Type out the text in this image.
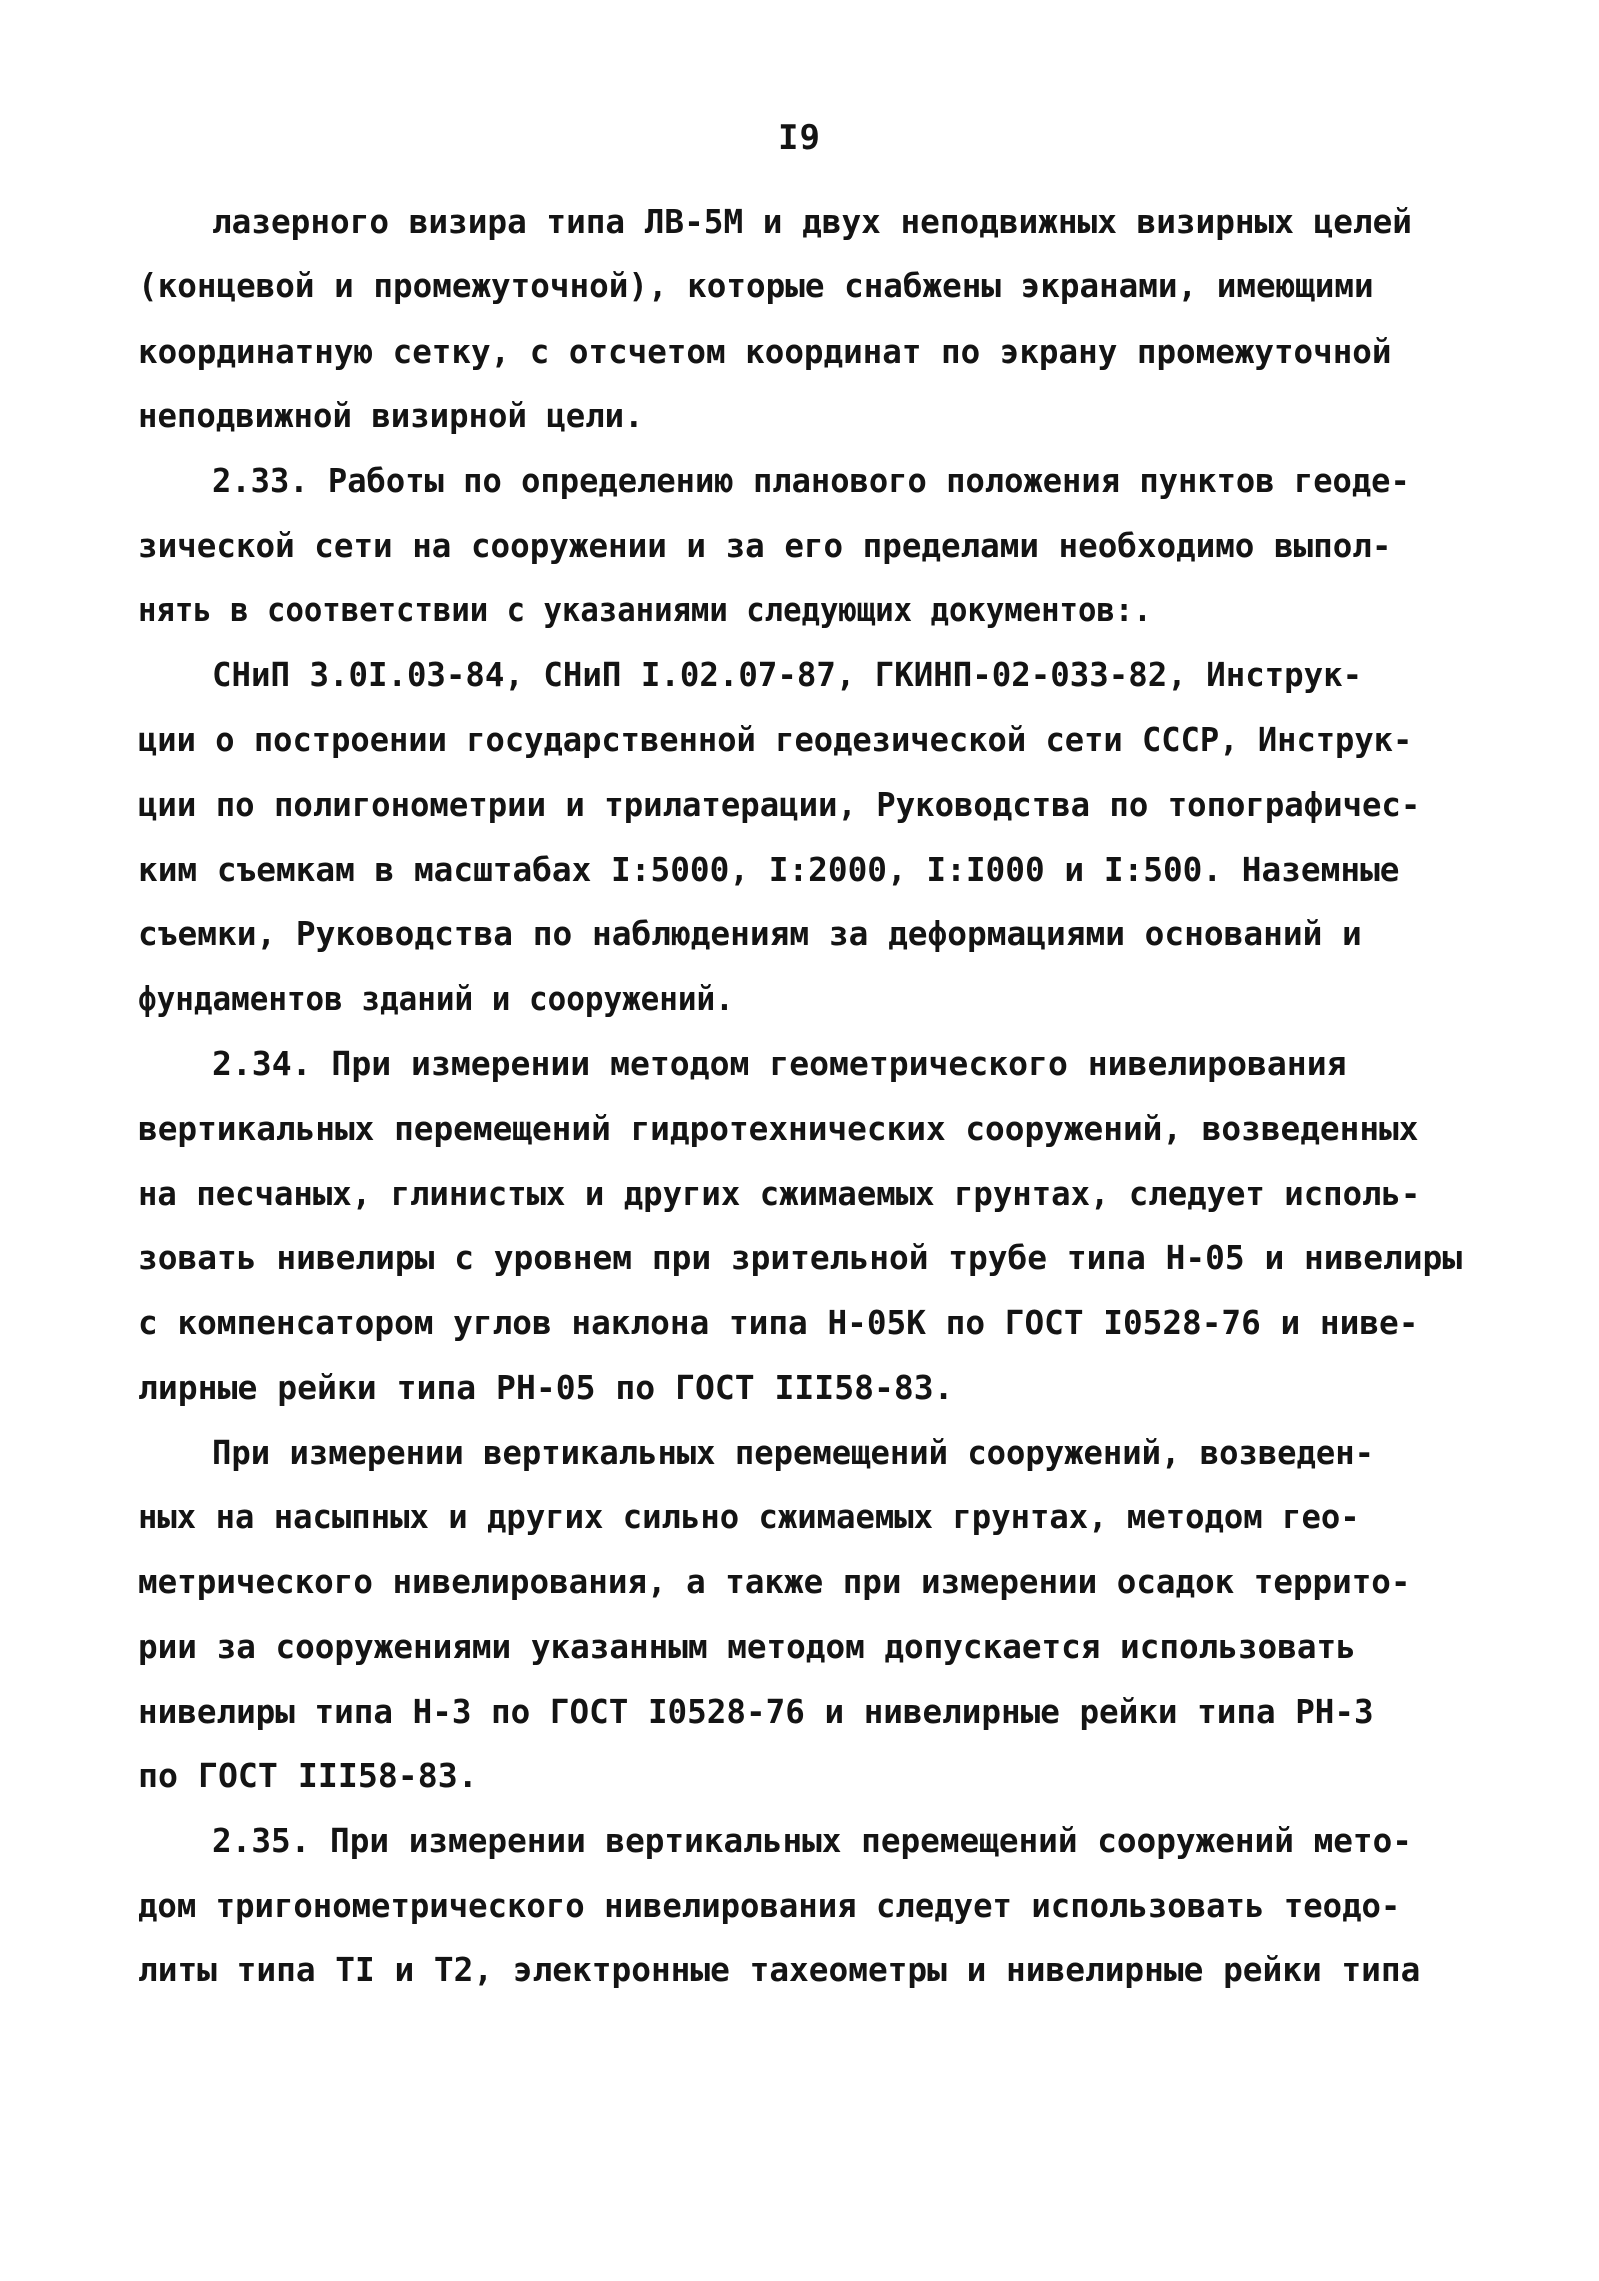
I9
лазерного визира типа ЛВ-5М и двух неподвижных визирных целей
(концевой и промежуточной), которые снабжены экранами, имеющими
координатную сетку, с отсчетом координат по экрану промежуточной
неподвижной визирной цели.
2.33. Работы по определению планового положения пунктов геоде-
зической сети на сооружении и за его пределами необходимо выпол-
нять в соответствии с указаниями следующих документов:.
СНиП 3.0I.03-84, СНиП I.02.07-87, ГКИНП-02-033-82, Инструк-
ции о построении государственной геодезической сети СССР, Инструк-
ции по полигонометрии и трилатерации, Руководства по топографичес-
ким съемкам в масштабах I:5000, I:2000, I:I000 и I:500. Наземные
съемки, Руководства по наблюдениям за деформациями оснований и
фундаментов зданий и сооружений.
2.34. При измерении методом геометрического нивелирования
вертикальных перемещений гидротехнических сооружений, возведенных
на песчаных, глинистых и других сжимаемых грунтах, следует исполь-
зовать нивелиры с уровнем при зрительной трубе типа Н-05 и нивелиры
с компенсатором углов наклона типа Н-05К по ГОСТ I0528-76 и ниве-
лирные рейки типа РН-05 по ГОСТ III58-83.
При измерении вертикальных перемещений сооружений, возведен-
ных на насыпных и других сильно сжимаемых грунтах, методом гео-
метрического нивелирования, а также при измерении осадок террито-
рии за сооружениями указанным методом допускается использовать
нивелиры типа Н-3 по ГОСТ I0528-76 и нивелирные рейки типа РН-3
по ГОСТ III58-83.
2.35. При измерении вертикальных перемещений сооружений мето-
дом тригонометрического нивелирования следует использовать теодо-
литы типа ТI и Т2, электронные тахеометры и нивелирные рейки типа
